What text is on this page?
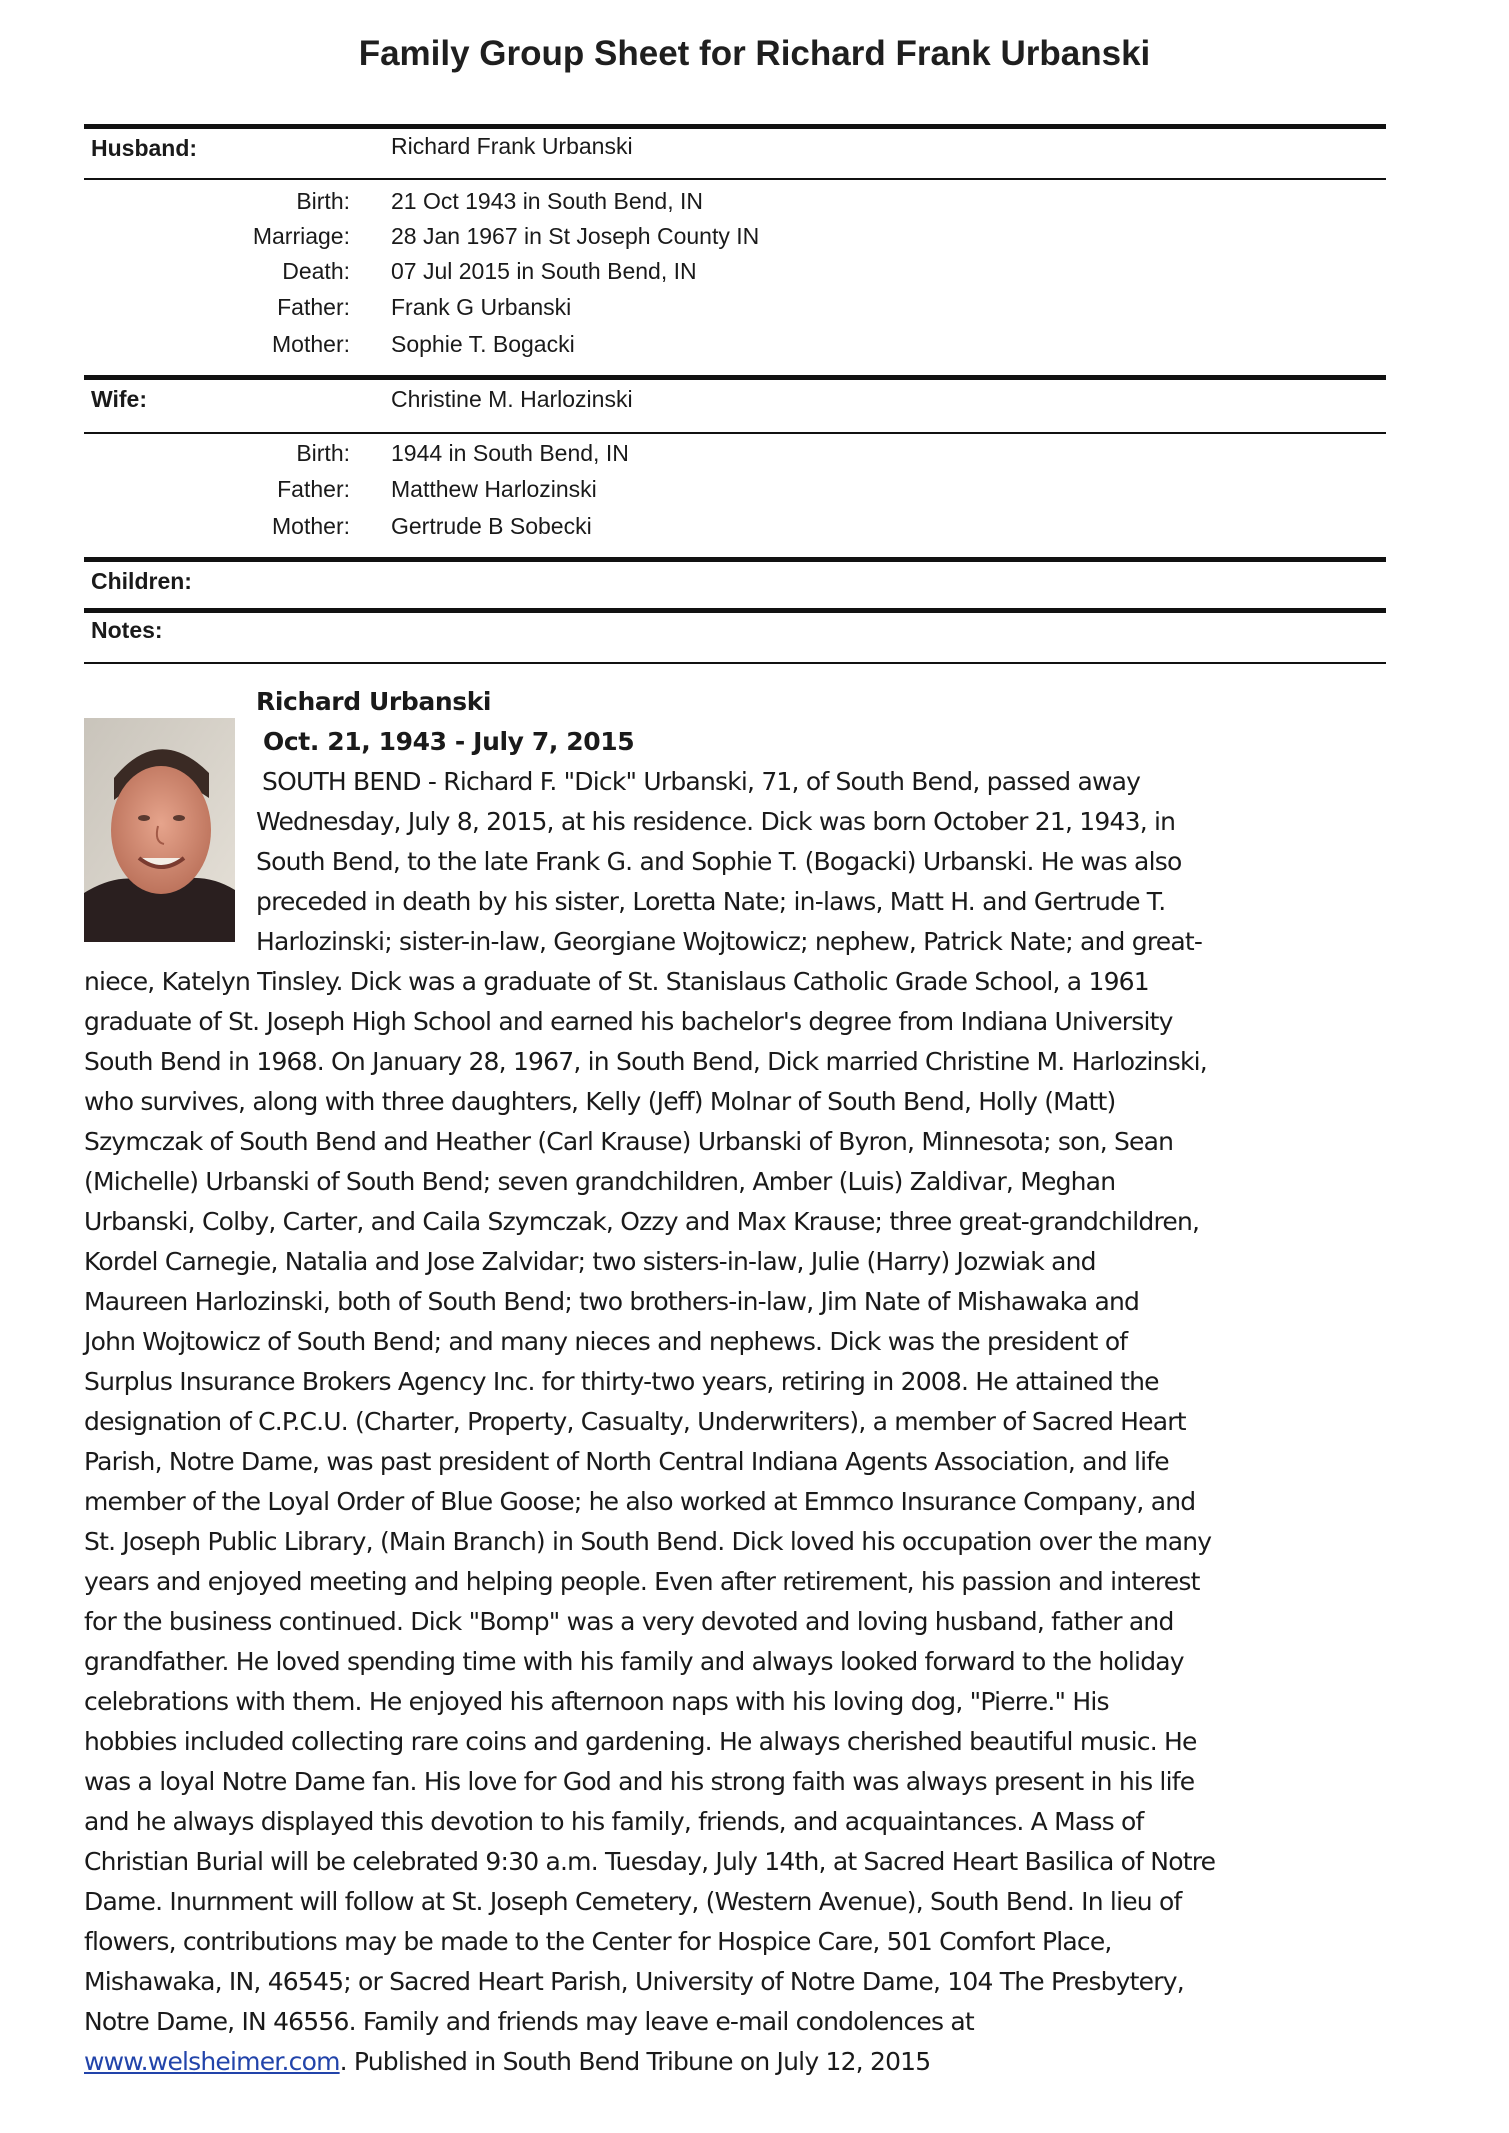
Family Group Sheet for Richard Frank Urbanski
Husband:	Richard Frank Urbanski
Birth: 21 Oct 1943 in South Bend, IN
Marriage: 28 Jan 1967 in St Joseph County IN
Death: 07 Jul 2015 in South Bend, IN
Father: Frank G Urbanski
Mother: Sophie T. Bogacki
Wife:	Christine M. Harlozinski
Birth: 1944 in South Bend, IN
Father: Matthew Harlozinski
Mother: Gertrude B Sobecki
Children:
Notes:
Richard Urbanski
Oct. 21, 1943 - July 7, 2015
SOUTH BEND - Richard F. "Dick" Urbanski, 71, of South Bend, passed away
Wednesday, July 8, 2015, at his residence. Dick was born October 21, 1943, in
South Bend, to the late Frank G. and Sophie T. (Bogacki) Urbanski. He was also
preceded in death by his sister, Loretta Nate; in-laws, Matt H. and Gertrude T.
Harlozinski; sister-in-law, Georgiane Wojtowicz; nephew, Patrick Nate; and great-
niece, Katelyn Tinsley. Dick was a graduate of St. Stanislaus Catholic Grade School, a 1961
graduate of St. Joseph High School and earned his bachelor's degree from Indiana University
South Bend in 1968. On January 28, 1967, in South Bend, Dick married Christine M. Harlozinski,
who survives, along with three daughters, Kelly (Jeff) Molnar of South Bend, Holly (Matt)
Szymczak of South Bend and Heather (Carl Krause) Urbanski of Byron, Minnesota; son, Sean
(Michelle) Urbanski of South Bend; seven grandchildren, Amber (Luis) Zaldivar, Meghan
Urbanski, Colby, Carter, and Caila Szymczak, Ozzy and Max Krause; three great-grandchildren,
Kordel Carnegie, Natalia and Jose Zalvidar; two sisters-in-law, Julie (Harry) Jozwiak and
Maureen Harlozinski, both of South Bend; two brothers-in-law, Jim Nate of Mishawaka and
John Wojtowicz of South Bend; and many nieces and nephews. Dick was the president of
Surplus Insurance Brokers Agency Inc. for thirty-two years, retiring in 2008. He attained the
designation of C.P.C.U. (Charter, Property, Casualty, Underwriters), a member of Sacred Heart
Parish, Notre Dame, was past president of North Central Indiana Agents Association, and life
member of the Loyal Order of Blue Goose; he also worked at Emmco Insurance Company, and
St. Joseph Public Library, (Main Branch) in South Bend. Dick loved his occupation over the many
years and enjoyed meeting and helping people. Even after retirement, his passion and interest
for the business continued. Dick "Bomp" was a very devoted and loving husband, father and
grandfather. He loved spending time with his family and always looked forward to the holiday
celebrations with them. He enjoyed his afternoon naps with his loving dog, "Pierre." His
hobbies included collecting rare coins and gardening. He always cherished beautiful music. He
was a loyal Notre Dame fan. His love for God and his strong faith was always present in his life
and he always displayed this devotion to his family, friends, and acquaintances. A Mass of
Christian Burial will be celebrated 9:30 a.m. Tuesday, July 14th, at Sacred Heart Basilica of Notre
Dame. Inurnment will follow at St. Joseph Cemetery, (Western Avenue), South Bend. In lieu of
flowers, contributions may be made to the Center for Hospice Care, 501 Comfort Place,
Mishawaka, IN, 46545; or Sacred Heart Parish, University of Notre Dame, 104 The Presbytery,
Notre Dame, IN 46556. Family and friends may leave e-mail condolences at
www.welsheimer.com. Published in South Bend Tribune on July 12, 2015
